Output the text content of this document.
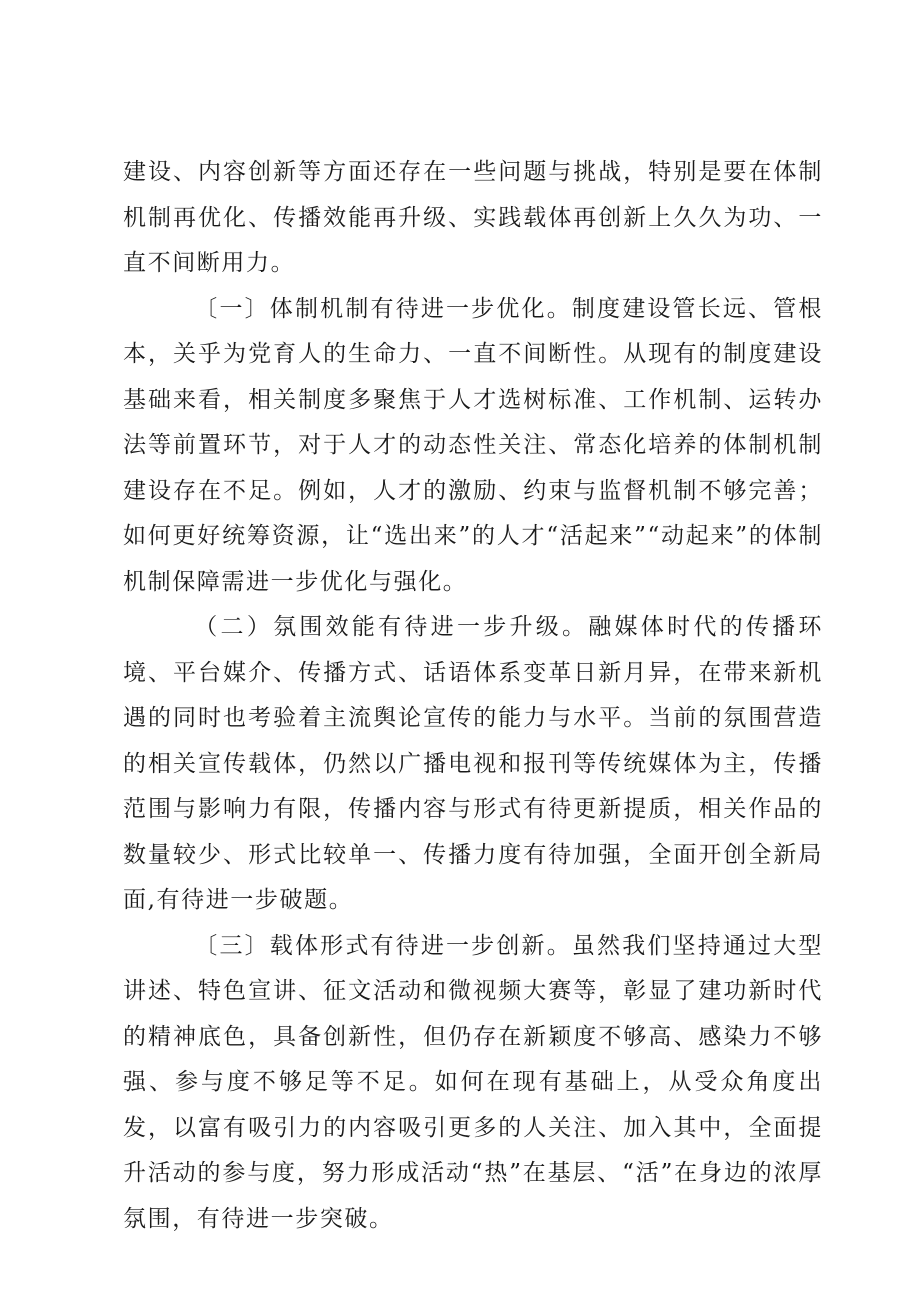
建设、内容创新等方面还存在一些问题与挑战，特别是要在体制机制再优化、传播效能再升级、实践载体再创新上久久为功、一直不间断用力。

〔一〕体制机制有待进一步优化。制度建设管长远、管根本，关乎为党育人的生命力、一直不间断性。从现有的制度建设基础来看，相关制度多聚焦于人才选树标准、工作机制、运转办法等前置环节，对于人才的动态性关注、常态化培养的体制机制建设存在不足。例如，人才的激励、约束与监督机制不够完善；如何更好统筹资源，让“选出来”的人才“活起来”“动起来”的体制机制保障需进一步优化与强化。

（二）氛围效能有待进一步升级。融媒体时代的传播环境、平台媒介、传播方式、话语体系变革日新月异，在带来新机遇的同时也考验着主流舆论宣传的能力与水平。当前的氛围营造的相关宣传载体，仍然以广播电视和报刊等传统媒体为主，传播范围与影响力有限，传播内容与形式有待更新提质，相关作品的数量较少、形式比较单一、传播力度有待加强，全面开创全新局面,有待进一步破题。

〔三〕载体形式有待进一步创新。虽然我们坚持通过大型讲述、特色宣讲、征文活动和微视频大赛等，彰显了建功新时代的精神底色，具备创新性，但仍存在新颖度不够高、感染力不够强、参与度不够足等不足。如何在现有基础上，从受众角度出发，以富有吸引力的内容吸引更多的人关注、加入其中，全面提升活动的参与度，努力形成活动“热”在基层、“活”在身边的浓厚氛围，有待进一步突破。
